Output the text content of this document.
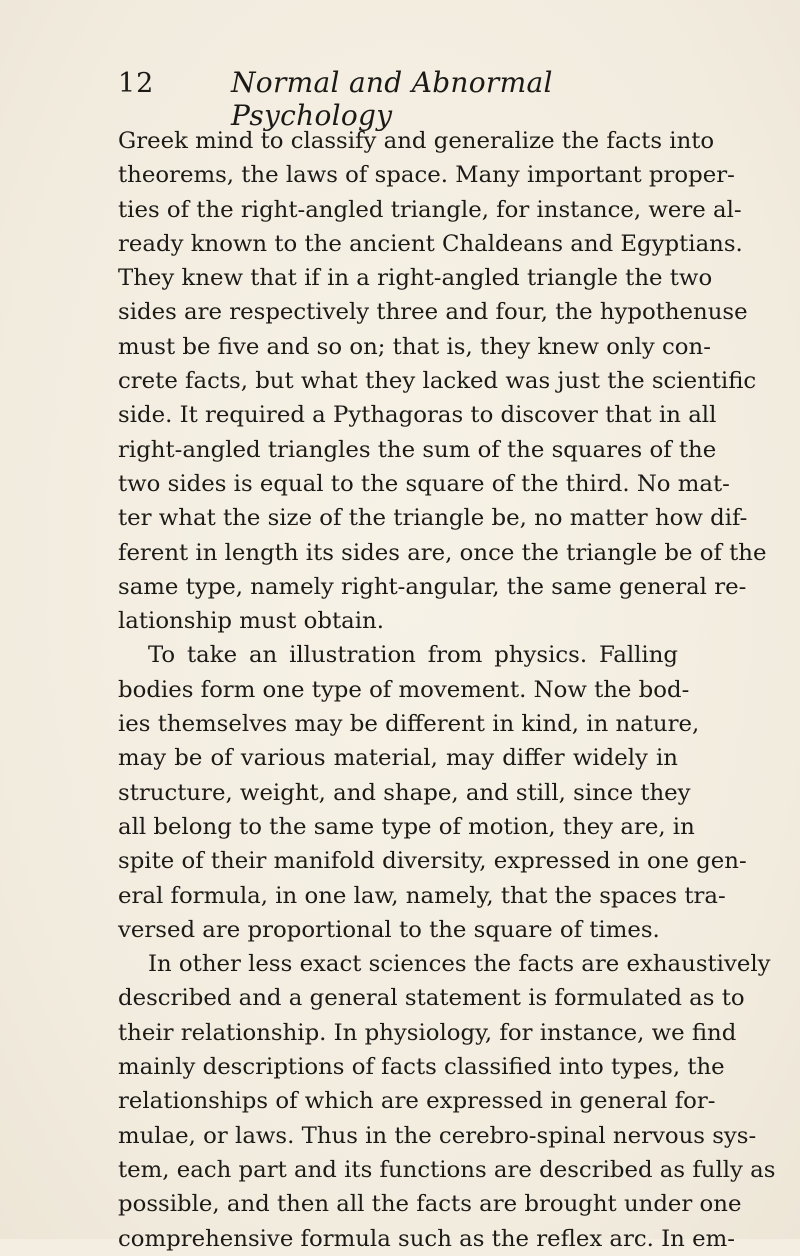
12	Normal and Abnormal Psychology
Greek mind to classify and generalize the facts into
theorems, the laws of space. Many important proper-
ties of the right-angled triangle, for instance, were al-
ready known to the ancient Chaldeans and Egyptians.
They knew that if in a right-angled triangle the two
sides are respectively three and four, the hypothenuse
must be five and so on; that is, they knew only con-
crete facts, but what they lacked was just the scientific
side. It required a Pythagoras to discover that in all
right-angled triangles the sum of the squares of the
two sides is equal to the square of the third. No mat-
ter what the size of the triangle be, no matter how dif-
ferent in length its sides are, once the triangle be of the
same type, namely right-angular, the same general re-
lationship must obtain.
To take an illustration from physics. Falling
bodies form one type of movement. Now the bod-
ies themselves may be different in kind, in nature,
may be of various material, may differ widely in
structure, weight, and shape, and still, since they
all belong to the same type of motion, they are, in
spite of their manifold diversity, expressed in one gen-
eral formula, in one law, namely, that the spaces tra-
versed are proportional to the square of times.
In other less exact sciences the facts are exhaustively
described and a general statement is formulated as to
their relationship. In physiology, for instance, we find
mainly descriptions of facts classified into types, the
relationships of which are expressed in general for-
mulae, or laws. Thus in the cerebro-spinal nervous sys-
tem, each part and its functions are described as fully as
possible, and then all the facts are brought under one
comprehensive formula such as the reflex arc. In em-
